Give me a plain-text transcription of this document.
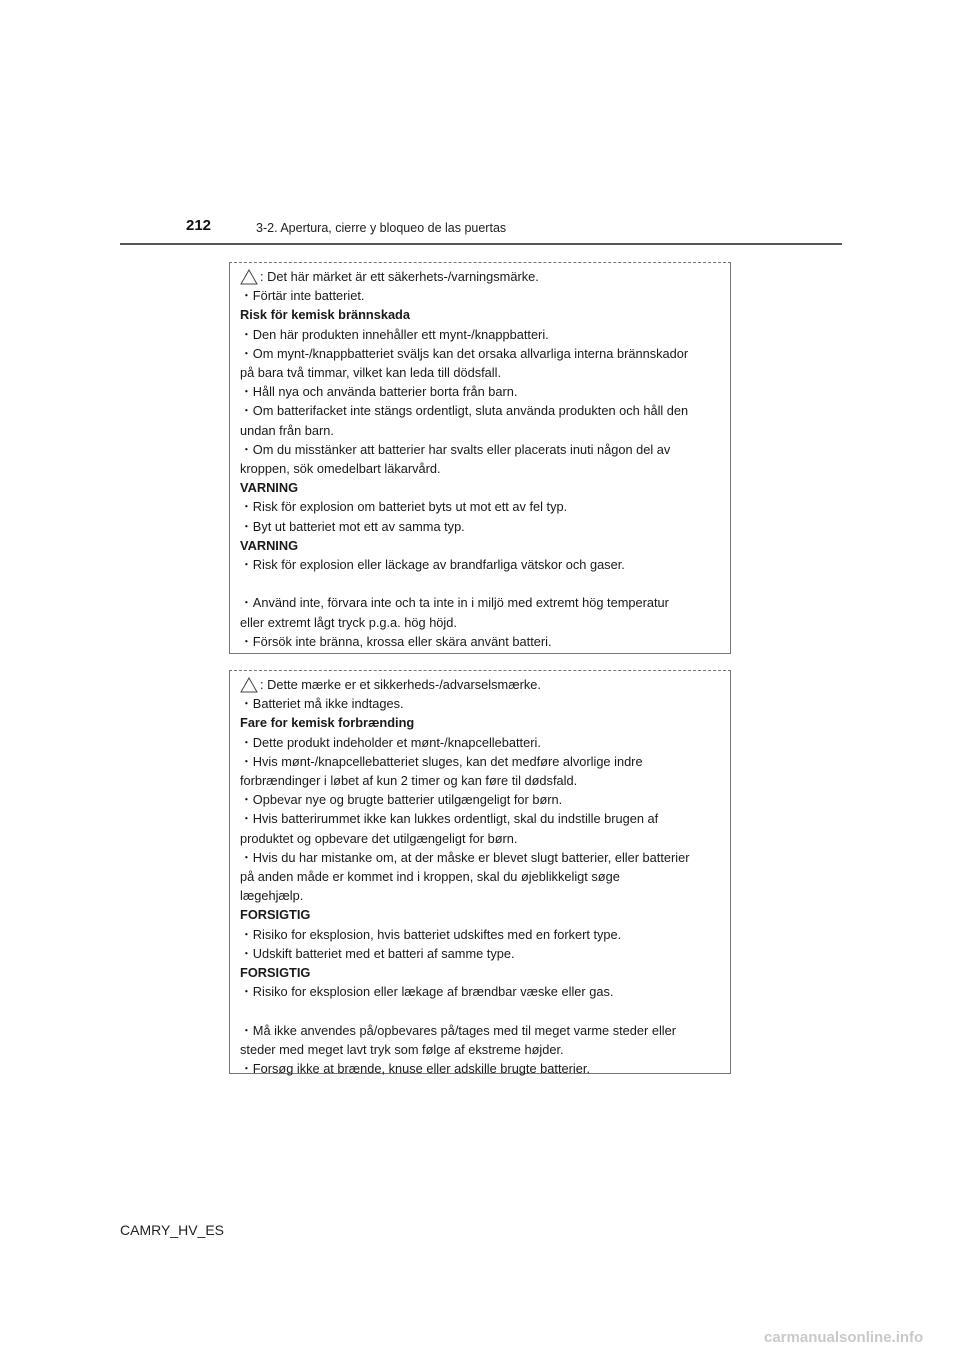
212	3-2. Apertura, cierre y bloqueo de las puertas
: Det här märket är ett säkerhets-/varningsmärke.
・Förtär inte batteriet.
Risk för kemisk brännskada
・Den här produkten innehåller ett mynt-/knappbatteri.
・Om mynt-/knappbatteriet sväljs kan det orsaka allvarliga interna brännskador
på bara två timmar, vilket kan leda till dödsfall.
・Håll nya och använda batterier borta från barn.
・Om batterifacket inte stängs ordentligt, sluta använda produkten och håll den
undan från barn.
・Om du misstänker att batterier har svalts eller placerats inuti någon del av
kroppen, sök omedelbart läkarvård.
VARNING
・Risk för explosion om batteriet byts ut mot ett av fel typ.
・Byt ut batteriet mot ett av samma typ.
VARNING
・Risk för explosion eller läckage av brandfarliga vätskor och gaser.
・Använd inte, förvara inte och ta inte in i miljö med extremt hög temperatur
eller extremt lågt tryck p.g.a. hög höjd.
・Försök inte bränna, krossa eller skära använt batteri.
: Dette mærke er et sikkerheds-/advarselsmærke.
・Batteriet må ikke indtages.
Fare for kemisk forbrænding
・Dette produkt indeholder et mønt-/knapcellebatteri.
・Hvis mønt-/knapcellebatteriet sluges, kan det medføre alvorlige indre
forbrændinger i løbet af kun 2 timer og kan føre til dødsfald.
・Opbevar nye og brugte batterier utilgængeligt for børn.
・Hvis batterirummet ikke kan lukkes ordentligt, skal du indstille brugen af
produktet og opbevare det utilgængeligt for børn.
・Hvis du har mistanke om, at der måske er blevet slugt batterier, eller batterier
på anden måde er kommet ind i kroppen, skal du øjeblikkeligt søge
lægehjælp.
FORSIGTIG
・Risiko for eksplosion, hvis batteriet udskiftes med en forkert type.
・Udskift batteriet med et batteri af samme type.
FORSIGTIG
・Risiko for eksplosion eller lækage af brændbar væske eller gas.
・Må ikke anvendes på/opbevares på/tages med til meget varme steder eller
steder med meget lavt tryk som følge af ekstreme højder.
・Forsøg ikke at brænde, knuse eller adskille brugte batterier.
CAMRY_HV_ES
carmanualsonline.info
